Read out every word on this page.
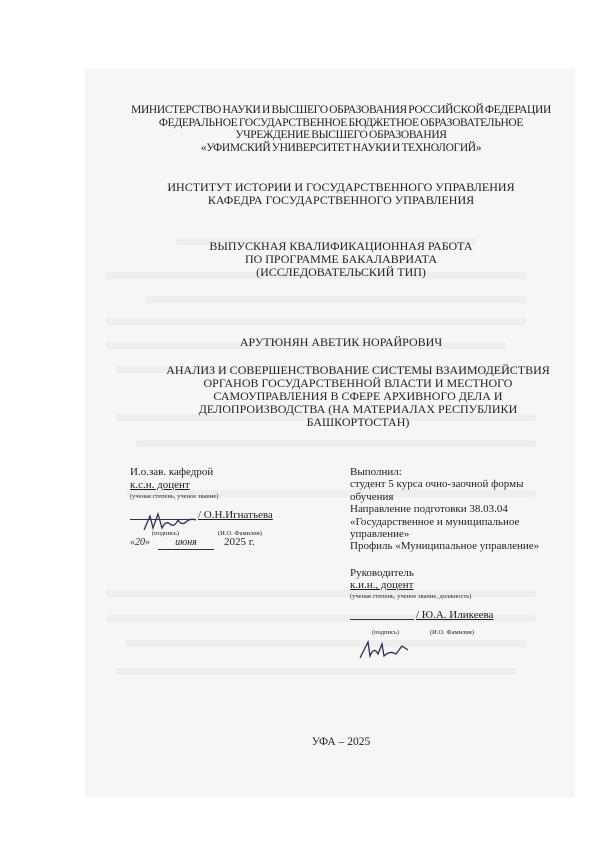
МИНИСТЕРСТВО НАУКИ И ВЫСШЕГО ОБРАЗОВАНИЯ РОССИЙСКОЙ ФЕДЕРАЦИИ
ФЕДЕРАЛЬНОЕ ГОСУДАРСТВЕННОЕ БЮДЖЕТНОЕ ОБРАЗОВАТЕЛЬНОЕ
УЧРЕЖДЕНИЕ ВЫСШЕГО ОБРАЗОВАНИЯ
«УФИМСКИЙ УНИВЕРСИТЕТ НАУКИ И ТЕХНОЛОГИЙ»
ИНСТИТУТ ИСТОРИИ И ГОСУДАРСТВЕННОГО УПРАВЛЕНИЯ
КАФЕДРА ГОСУДАРСТВЕННОГО УПРАВЛЕНИЯ
ВЫПУСКНАЯ КВАЛИФИКАЦИОННАЯ РАБОТА
ПО ПРОГРАММЕ БАКАЛАВРИАТА
(ИССЛЕДОВАТЕЛЬСКИЙ ТИП)
АРУТЮНЯН АВЕТИК НОРАЙРОВИЧ
АНАЛИЗ И СОВЕРШЕНСТВОВАНИЕ СИСТЕМЫ ВЗАИМОДЕЙСТВИЯ
ОРГАНОВ ГОСУДАРСТВЕННОЙ ВЛАСТИ И МЕСТНОГО
САМОУПРАВЛЕНИЯ В СФЕРЕ АРХИВНОГО ДЕЛА И
ДЕЛОПРОИЗВОДСТВА (НА МАТЕРИАЛАХ РЕСПУБЛИКИ
БАШКОРТОСТАН)
И.о.зав. кафедрой
к.с.н. доцент
(ученая степень, ученое звание)
/ О.Н.Игнатьева
(подпись)	(И.О. Фамилия)
«20»	июня	2025 г.
Выполнил:
студент 5 курса очно-заочной формы обучения
Направление подготовки 38.03.04 «Государственное и муниципальное управление»
Профиль «Муниципальное управление»
Руководитель
к.и.н., доцент
(ученая степень, ученое звание, должность)
/ Ю.А. Иликеева
(подпись)	(И.О. Фамилия)
УФА – 2025
